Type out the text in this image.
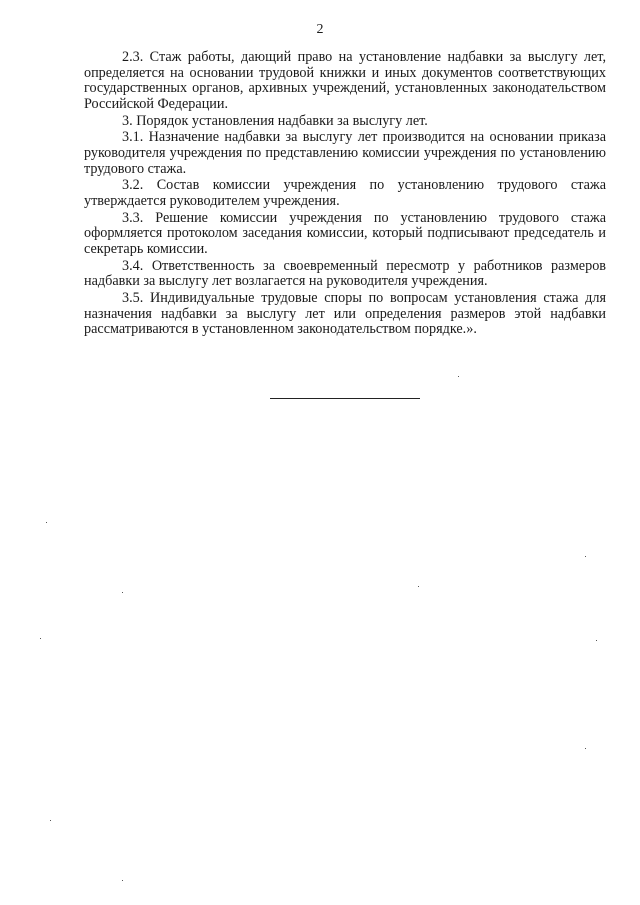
2

2.3. Стаж работы, дающий право на установление надбавки за выслугу лет, определяется на основании трудовой книжки и иных документов соответствующих государственных органов, архивных учреждений, установленных законодательством Российской Федерации.

3. Порядок установления надбавки за выслугу лет.

3.1. Назначение надбавки за выслугу лет производится на основании приказа руководителя учреждения по представлению комиссии учреждения по установлению трудового стажа.

3.2. Состав комиссии учреждения по установлению трудового стажа утверждается руководителем учреждения.

3.3. Решение комиссии учреждения по установлению трудового стажа оформляется протоколом заседания комиссии, который подписывают председатель и секретарь комиссии.

3.4. Ответственность за своевременный пересмотр у работников размеров надбавки за выслугу лет возлагается на руководителя учреждения.

3.5. Индивидуальные трудовые споры по вопросам установления стажа для назначения надбавки за выслугу лет или определения размеров этой надбавки рассматриваются в установленном законодательством порядке.».
